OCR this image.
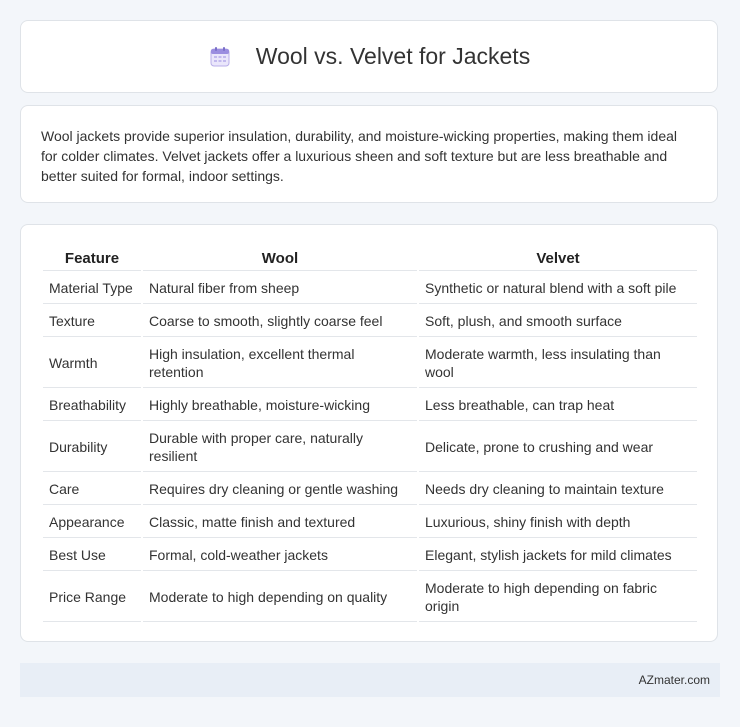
Wool vs. Velvet for Jackets
Wool jackets provide superior insulation, durability, and moisture-wicking properties, making them ideal for colder climates. Velvet jackets offer a luxurious sheen and soft texture but are less breathable and better suited for formal, indoor settings.
Feature	Wool	Velvet
Material Type	Natural fiber from sheep	Synthetic or natural blend with a soft pile
Texture	Coarse to smooth, slightly coarse feel	Soft, plush, and smooth surface
Warmth	High insulation, excellent thermal retention	Moderate warmth, less insulating than wool
Breathability	Highly breathable, moisture-wicking	Less breathable, can trap heat
Durability	Durable with proper care, naturally resilient	Delicate, prone to crushing and wear
Care	Requires dry cleaning or gentle washing	Needs dry cleaning to maintain texture
Appearance	Classic, matte finish and textured	Luxurious, shiny finish with depth
Best Use	Formal, cold-weather jackets	Elegant, stylish jackets for mild climates
Price Range	Moderate to high depending on quality	Moderate to high depending on fabric origin
AZmater.com
